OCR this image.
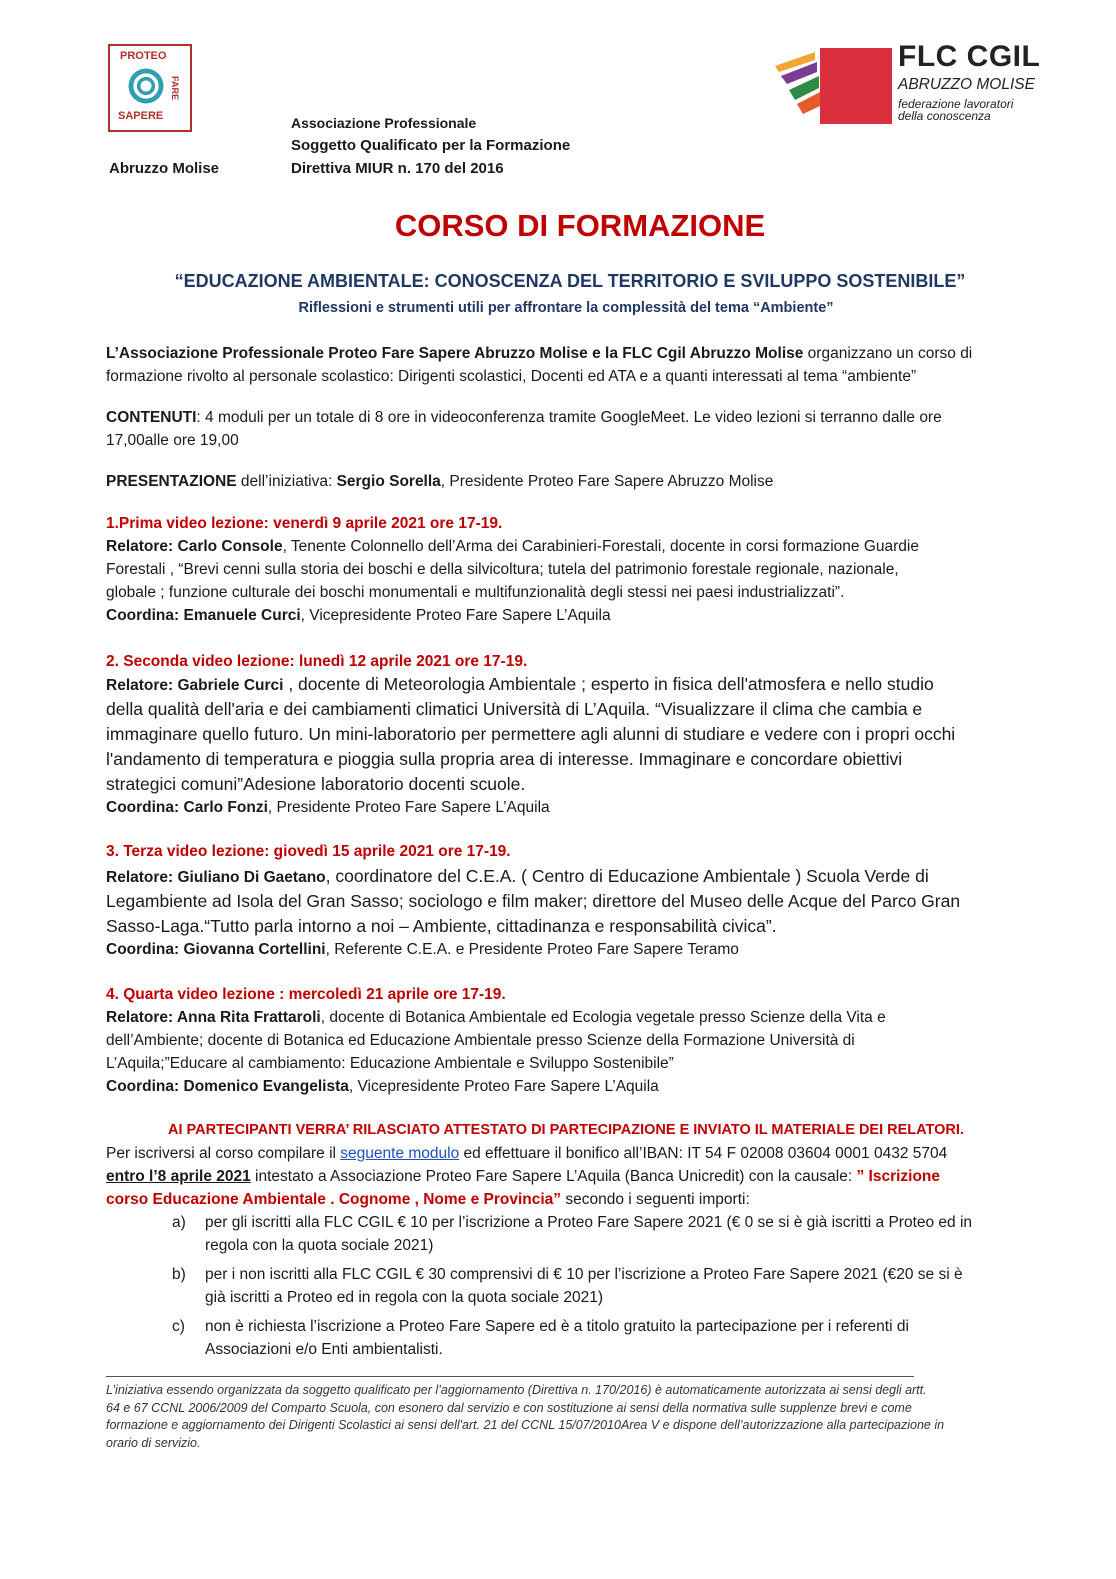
PROTEO
FARE
SAPERE
FLC CGIL
ABRUZZO MOLISE
federazione lavoratori
della conoscenza
Associazione Professionale
Soggetto Qualificato per la Formazione
Direttiva MIUR n. 170 del 2016
Abruzzo Molise
CORSO DI FORMAZIONE
“EDUCAZIONE AMBIENTALE: CONOSCENZA DEL TERRITORIO E SVILUPPO SOSTENIBILE”
Riflessioni e strumenti utili per affrontare la complessità del tema “Ambiente”
L’Associazione Professionale Proteo Fare Sapere Abruzzo Molise e la FLC Cgil Abruzzo Molise organizzano un corso di
formazione rivolto al personale scolastico: Dirigenti scolastici, Docenti ed ATA e a quanti interessati al tema “ambiente”
CONTENUTI: 4 moduli per un totale di 8 ore in videoconferenza tramite GoogleMeet. Le video lezioni si terranno dalle ore
17,00alle ore 19,00
PRESENTAZIONE dell’iniziativa: Sergio Sorella, Presidente Proteo Fare Sapere Abruzzo Molise
1.Prima video lezione: venerdì 9 aprile 2021 ore 17-19.
Relatore: Carlo Console, Tenente Colonnello dell’Arma dei Carabinieri-Forestali, docente in corsi formazione Guardie
Forestali , “Brevi cenni sulla storia dei boschi e della silvicoltura; tutela del patrimonio forestale regionale, nazionale,
globale ; funzione culturale dei boschi monumentali e multifunzionalità degli stessi nei paesi industrializzati”.
Coordina: Emanuele Curci, Vicepresidente Proteo Fare Sapere L’Aquila
2. Seconda video lezione: lunedì 12 aprile 2021 ore 17-19.
Relatore: Gabriele Curci , docente di Meteorologia Ambientale ; esperto in fisica dell'atmosfera e nello studio
della qualità dell'aria e dei cambiamenti climatici Università di L’Aquila. “Visualizzare il clima che cambia e
immaginare quello futuro. Un mini-laboratorio per permettere agli alunni di studiare e vedere con i propri occhi
l'andamento di temperatura e pioggia sulla propria area di interesse. Immaginare e concordare obiettivi
strategici comuni”Adesione laboratorio docenti scuole.
Coordina: Carlo Fonzi, Presidente Proteo Fare Sapere L’Aquila
3. Terza video lezione: giovedì 15 aprile 2021 ore 17-19.
Relatore: Giuliano Di Gaetano, coordinatore del C.E.A. ( Centro di Educazione Ambientale ) Scuola Verde di
Legambiente ad Isola del Gran Sasso; sociologo e film maker; direttore del Museo delle Acque del Parco Gran
Sasso-Laga.“Tutto parla intorno a noi – Ambiente, cittadinanza e responsabilità civica”.
Coordina: Giovanna Cortellini, Referente C.E.A. e Presidente Proteo Fare Sapere Teramo
4. Quarta video lezione : mercoledì 21 aprile ore 17-19.
Relatore: Anna Rita Frattaroli, docente di Botanica Ambientale ed Ecologia vegetale presso Scienze della Vita e
dell’Ambiente; docente di Botanica ed Educazione Ambientale presso Scienze della Formazione Università di
L’Aquila;”Educare al cambiamento: Educazione Ambientale e Sviluppo Sostenibile”
Coordina: Domenico Evangelista, Vicepresidente Proteo Fare Sapere L’Aquila
AI PARTECIPANTI VERRA’ RILASCIATO ATTESTATO DI PARTECIPAZIONE E INVIATO IL MATERIALE DEI RELATORI.
Per iscriversi al corso compilare il seguente modulo ed effettuare il bonifico all’IBAN: IT 54 F 02008 03604 0001 0432 5704
entro l’8 aprile 2021 intestato a Associazione Proteo Fare Sapere L’Aquila (Banca Unicredit) con la causale: ” Iscrizione
corso Educazione Ambientale . Cognome , Nome e Provincia” secondo i seguenti importi:
a)	per gli iscritti alla FLC CGIL € 10 per l’iscrizione a Proteo Fare Sapere 2021 (€ 0 se si è già iscritti a Proteo ed in
regola con la quota sociale 2021)
b)	per i non iscritti alla FLC CGIL € 30 comprensivi di € 10 per l’iscrizione a Proteo Fare Sapere 2021 (€20 se si è
già iscritti a Proteo ed in regola con la quota sociale 2021)
c)	non è richiesta l’iscrizione a Proteo Fare Sapere ed è a titolo gratuito la partecipazione per i referenti di
Associazioni e/o Enti ambientalisti.
L’iniziativa essendo organizzata da soggetto qualificato per l’aggiornamento (Direttiva n. 170/2016) è automaticamente autorizzata ai sensi degli artt.
64 e 67 CCNL 2006/2009 del Comparto Scuola, con esonero dal servizio e con sostituzione ai sensi della normativa sulle supplenze brevi e come
formazione e aggiornamento dei Dirigenti Scolastici ai sensi dell'art. 21 del CCNL 15/07/2010Area V e dispone dell’autorizzazione alla partecipazione in
orario di servizio.
